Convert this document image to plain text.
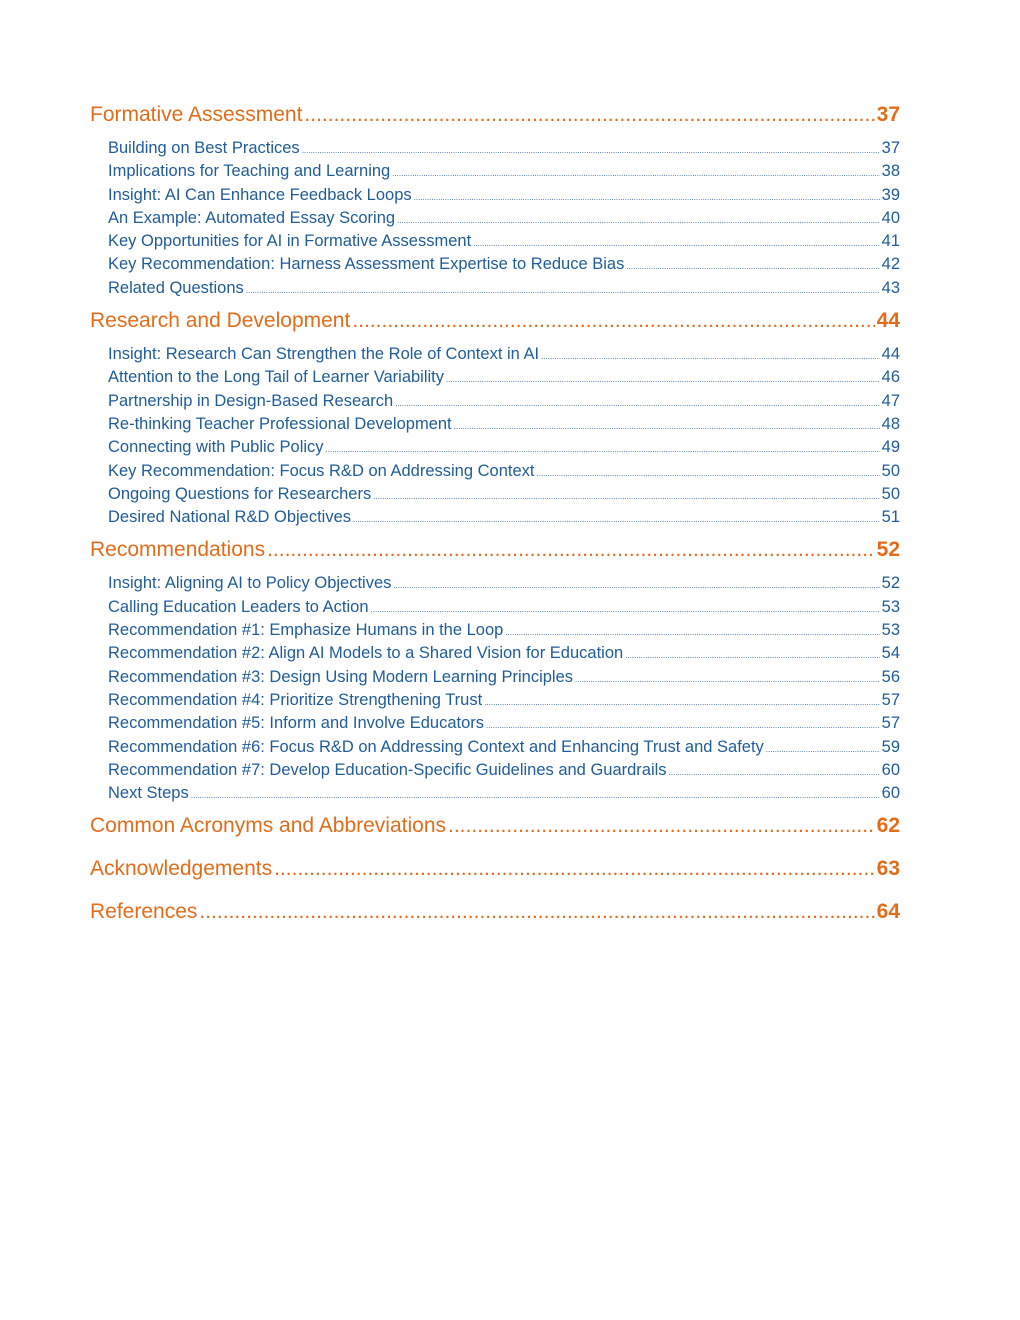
Formative Assessment .....	37
Building on Best Practices .....	37
Implications for Teaching and Learning .....	38
Insight: AI Can Enhance Feedback Loops .....	39
An Example: Automated Essay Scoring .....	40
Key Opportunities for AI in Formative Assessment .....	41
Key Recommendation: Harness Assessment Expertise to Reduce Bias .....	42
Related Questions .....	43
Research and Development .....	44
Insight: Research Can Strengthen the Role of Context in AI .....	44
Attention to the Long Tail of Learner Variability .....	46
Partnership in Design-Based Research .....	47
Re-thinking Teacher Professional Development .....	48
Connecting with Public Policy .....	49
Key Recommendation: Focus R&D on Addressing Context .....	50
Ongoing Questions for Researchers .....	50
Desired National R&D Objectives .....	51
Recommendations .....	52
Insight: Aligning AI to Policy Objectives .....	52
Calling Education Leaders to Action .....	53
Recommendation #1: Emphasize Humans in the Loop .....	53
Recommendation #2: Align AI Models to a Shared Vision for Education .....	54
Recommendation #3: Design Using Modern Learning Principles .....	56
Recommendation #4: Prioritize Strengthening Trust .....	57
Recommendation #5: Inform and Involve Educators .....	57
Recommendation #6: Focus R&D on Addressing Context and Enhancing Trust and Safety .....	59
Recommendation #7: Develop Education-Specific Guidelines and Guardrails .....	60
Next Steps .....	60
Common Acronyms and Abbreviations .....	62
Acknowledgements .....	63
References .....	64
